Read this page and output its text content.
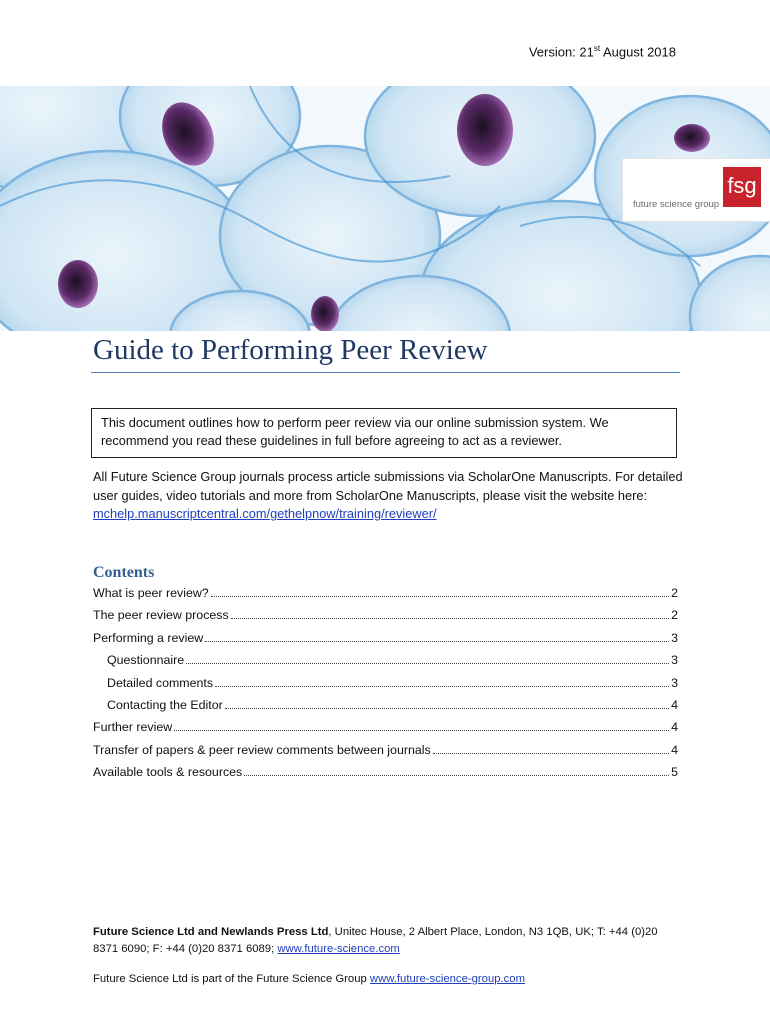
Version: 21st August 2018
fsg
future science group
Guide to Performing Peer Review
This document outlines how to perform peer review via our online submission system. We recommend you read these guidelines in full before agreeing to act as a reviewer.
All Future Science Group journals process article submissions via ScholarOne Manuscripts. For detailed user guides, video tutorials and more from ScholarOne Manuscripts, please visit the website here: mchelp.manuscriptcentral.com/gethelpnow/training/reviewer/
Contents
What is peer review?	2
The peer review process	2
Performing a review	3
Questionnaire	3
Detailed comments	3
Contacting the Editor	4
Further review	4
Transfer of papers & peer review comments between journals	4
Available tools & resources	5

Future Science Ltd and Newlands Press Ltd, Unitec House, 2 Albert Place, London, N3 1QB, UK; T: +44 (0)20 8371 6090; F: +44 (0)20 8371 6089; www.future-science.com

Future Science Ltd is part of the Future Science Group www.future-science-group.com
